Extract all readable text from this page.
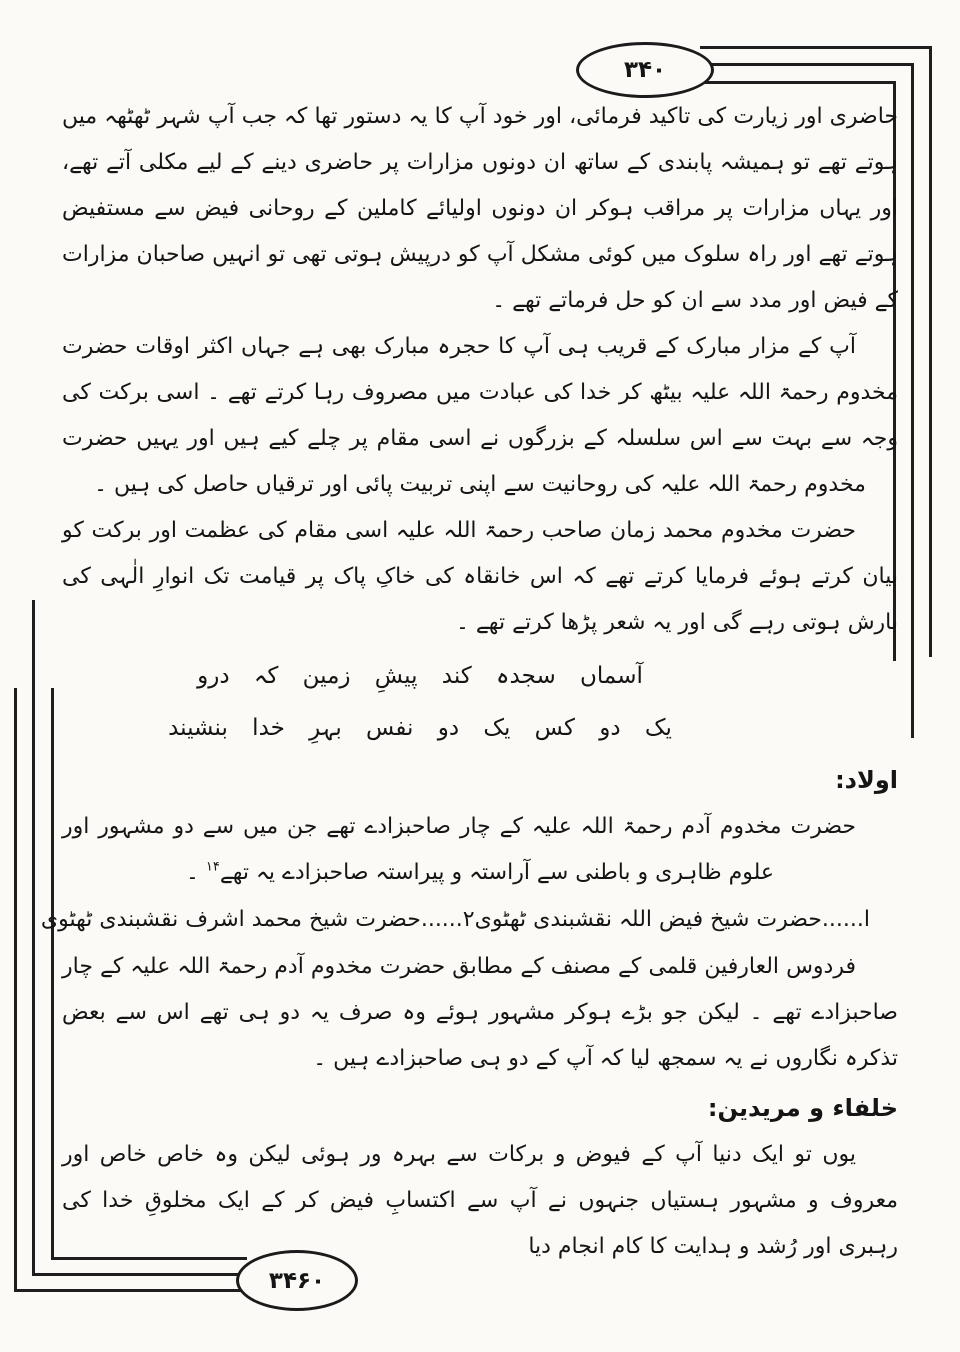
۳۴۰
۳۴۶۰

حاضری اور زیارت کی تاکید فرمائی، اور خود آپ کا یہ دستور تھا کہ جب آپ شہر ٹھٹھہ میں ہوتے تھے تو ہمیشہ پابندی کے ساتھ ان دونوں مزارات پر حاضری دینے کے لیے مکلی آتے تھے، اور یہاں مزارات پر مراقب ہوکر ان دونوں اولیائے کاملین کے روحانی فیض سے مستفیض ہوتے تھے اور راہ سلوک میں کوئی مشکل آپ کو درپیش ہوتی تھی تو انہیں صاحبان مزارات کے فیض اور مدد سے ان کو حل فرماتے تھے ۔

آپ کے مزار مبارک کے قریب ہی آپ کا حجرہ مبارک بھی ہے جہاں اکثر اوقات حضرت مخدوم رحمۃ اللہ علیہ بیٹھ کر خدا کی عبادت میں مصروف رہا کرتے تھے ۔ اسی برکت کی وجہ سے بہت سے اس سلسلہ کے بزرگوں نے اسی مقام پر چلے کیے ہیں اور یہیں حضرت مخدوم رحمۃ اللہ علیہ کی روحانیت سے اپنی تربیت پائی اور ترقیاں حاصل کی ہیں ۔

حضرت مخدوم محمد زمان صاحب رحمۃ اللہ علیہ اسی مقام کی عظمت اور برکت کو بیان کرتے ہوئے فرمایا کرتے تھے کہ اس خانقاہ کی خاکِ پاک پر قیامت تک انوارِ الٰہی کی بارش ہوتی رہے گی اور یہ شعر پڑھا کرتے تھے ۔

آسماں سجدہ کند پیشِ زمین کہ درو
یک دو کس یک دو نفس بہرِ خدا بنشیند

اولاد:

حضرت مخدوم آدم رحمۃ اللہ علیہ کے چار صاحبزادے تھے جن میں سے دو مشہور اور علوم ظاہری و باطنی سے آراستہ و پیراستہ صاحبزادے یہ تھے$^{۱۴}$ ۔

ا......حضرت شیخ فیض اللہ نقشبندی ٹھٹوی
۲......حضرت شیخ محمد اشرف نقشبندی ٹھٹوی

فردوس العارفین قلمی کے مصنف کے مطابق حضرت مخدوم آدم رحمۃ اللہ علیہ کے چار صاحبزادے تھے ۔ لیکن جو بڑے ہوکر مشہور ہوئے وہ صرف یہ دو ہی تھے اس سے بعض تذکرہ نگاروں نے یہ سمجھ لیا کہ آپ کے دو ہی صاحبزادے ہیں ۔

خلفاء و مریدین:

یوں تو ایک دنیا آپ کے فیوض و برکات سے بہرہ ور ہوئی لیکن وہ خاص خاص اور معروف و مشہور ہستیاں جنہوں نے آپ سے اکتسابِ فیض کر کے ایک مخلوقِ خدا کی رہبری اور رُشد و ہدایت کا کام انجام دیا
